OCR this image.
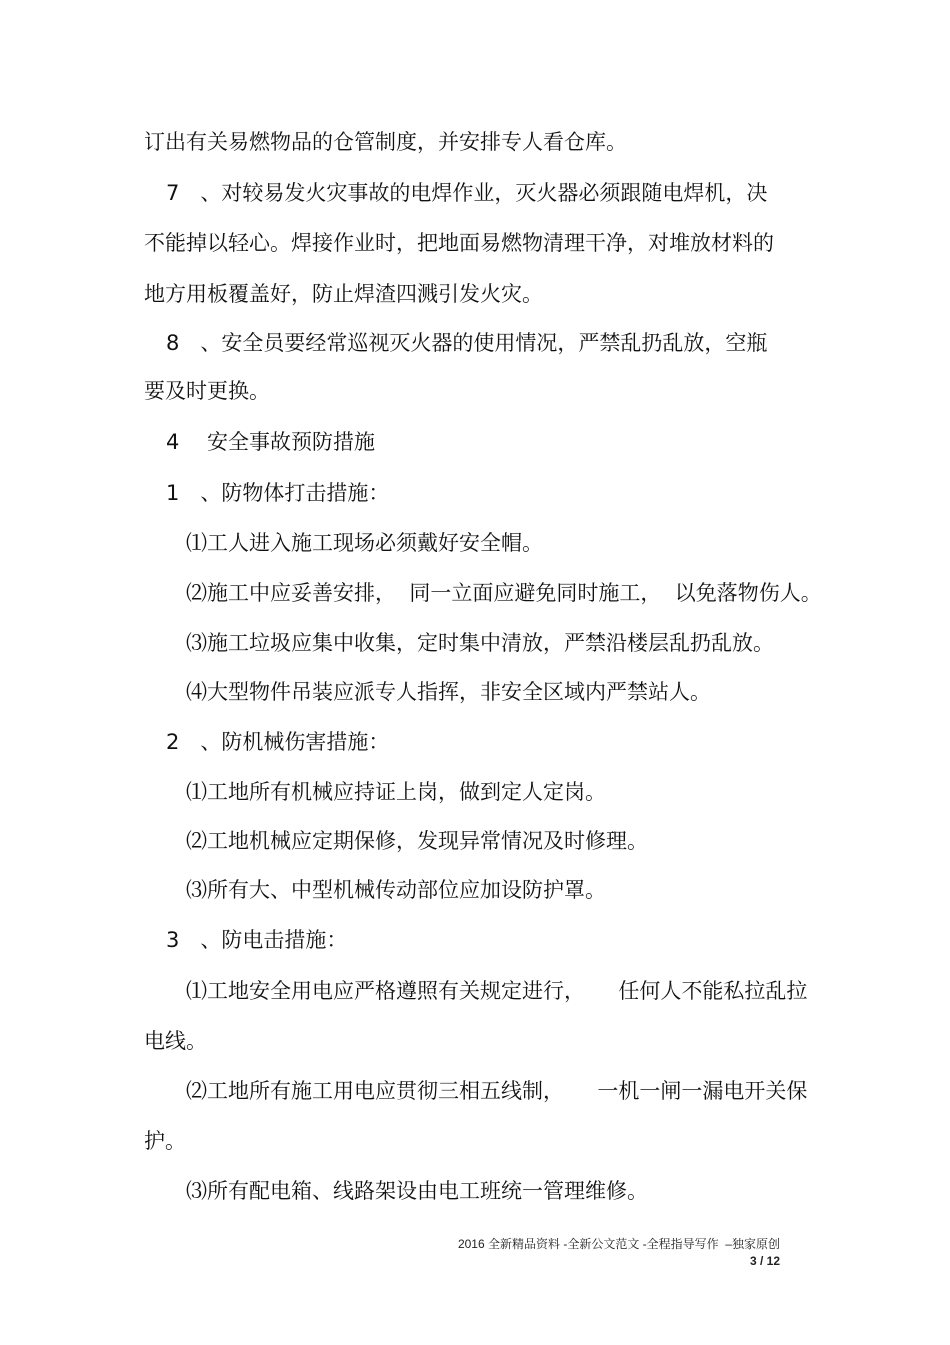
订出有关易燃物品的仓管制度，并安排专人看仓库。
7　、对较易发火灾事故的电焊作业，灭火器必须跟随电焊机，决
不能掉以轻心。焊接作业时，把地面易燃物清理干净，对堆放材料的
地方用板覆盖好，防止焊渣四溅引发火灾。
8　、安全员要经常巡视灭火器的使用情况，严禁乱扔乱放，空瓶
要及时更换。
4　 安全事故预防措施
1　、防物体打击措施：
⑴工人进入施工现场必须戴好安全帽。
⑵施工中应妥善安排，  同一立面应避免同时施工，  以免落物伤人。
⑶施工垃圾应集中收集，定时集中清放，严禁沿楼层乱扔乱放。
⑷大型物件吊装应派专人指挥，非安全区域内严禁站人。
2　、防机械伤害措施：
⑴工地所有机械应持证上岗，做到定人定岗。
⑵工地机械应定期保修，发现异常情况及时修理。
⑶所有大、中型机械传动部位应加设防护罩。
3　、防电击措施：
⑴工地安全用电应严格遵照有关规定进行，     任何人不能私拉乱拉
电线。
⑵工地所有施工用电应贯彻三相五线制，     一机一闸一漏电开关保
护。
⑶所有配电箱、线路架设由电工班统一管理维修。
2016 全新精品资料 -全新公文范文 -全程指导写作  –独家原创
3 / 12
